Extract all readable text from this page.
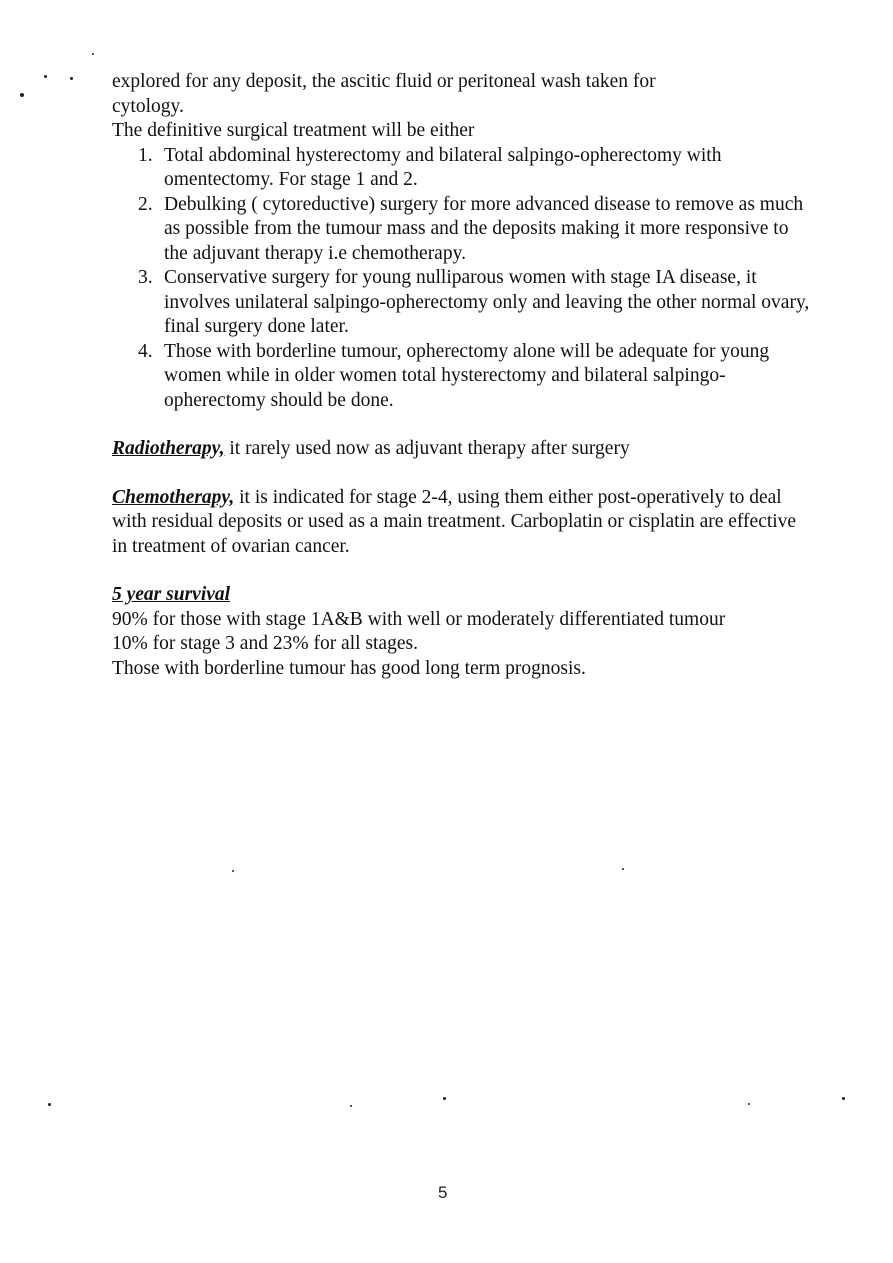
explored for any deposit, the ascitic fluid or peritoneal wash taken for

cytology.

The definitive surgical treatment will be either

1. Total abdominal hysterectomy and bilateral salpingo-opherectomy with omentectomy. For stage 1 and 2.
2. Debulking ( cytoreductive) surgery for more advanced disease to remove as much as possible from the tumour mass and the deposits making it more responsive to the adjuvant therapy i.e chemotherapy.
3. Conservative surgery for young nulliparous women with stage IA disease, it involves unilateral salpingo-opherectomy only and leaving the other normal ovary, final surgery done later.
4. Those with borderline tumour, opherectomy alone will be adequate for young women while in older women total hysterectomy and bilateral salpingo-opherectomy should be done.

Radiotherapy, it rarely used now as adjuvant therapy after surgery

Chemotherapy, it is indicated for stage 2-4, using them either post-operatively to deal with residual deposits or used as a main treatment. Carboplatin or cisplatin are effective in treatment of ovarian cancer.

5 year survival

90% for those with stage 1A&B with well or moderately differentiated tumour

10% for stage 3 and 23% for all stages.

Those with borderline tumour has good long term prognosis.

5
